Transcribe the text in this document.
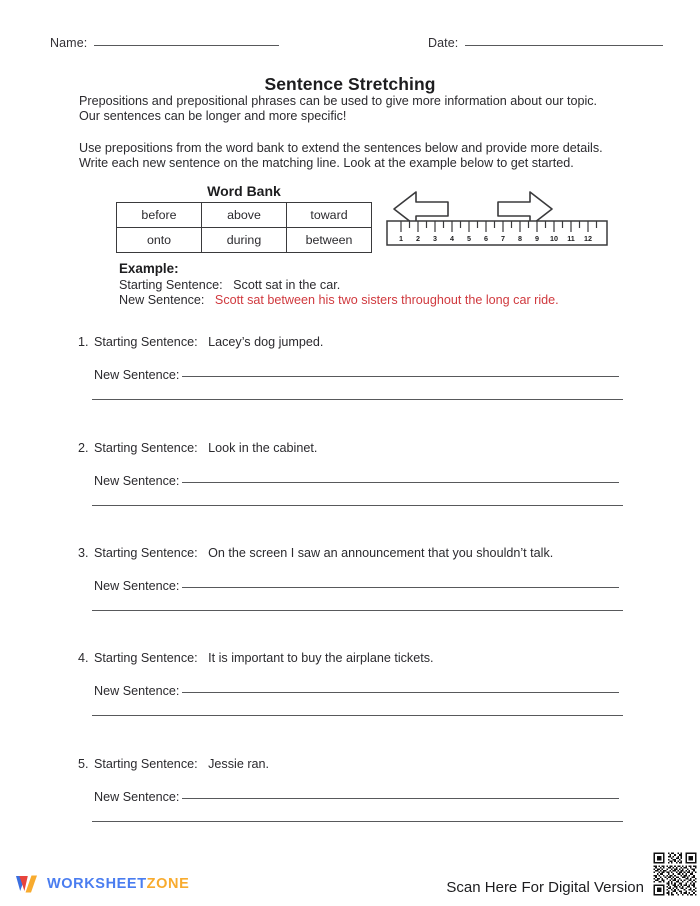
Name:	Date:
Sentence Stretching

Prepositions and prepositional phrases can be used to give more information about our topic.

Our sentences can be longer and more specific!

Use prepositions from the word bank to extend the sentences below and provide more details.

Write each new sentence on the matching line. Look at the example below to get started.

Word Bank
before	above	toward
onto	during	between	1 2 3 4 5 6 7 8 9 10 11 12
Example:
Starting Sentence: Scott sat in the car.
New Sentence: Scott sat between his two sisters throughout the long car ride.
1. Starting Sentence: Lacey’s dog jumped.
New Sentence:
2. Starting Sentence: Look in the cabinet.
New Sentence:
3. Starting Sentence: On the screen I saw an announcement that you shouldn’t talk.
New Sentence:
4. Starting Sentence: It is important to buy the airplane tickets.
New Sentence:
5. Starting Sentence: Jessie ran.
New Sentence:
WORKSHEETZONE	Scan Here For Digital Version
